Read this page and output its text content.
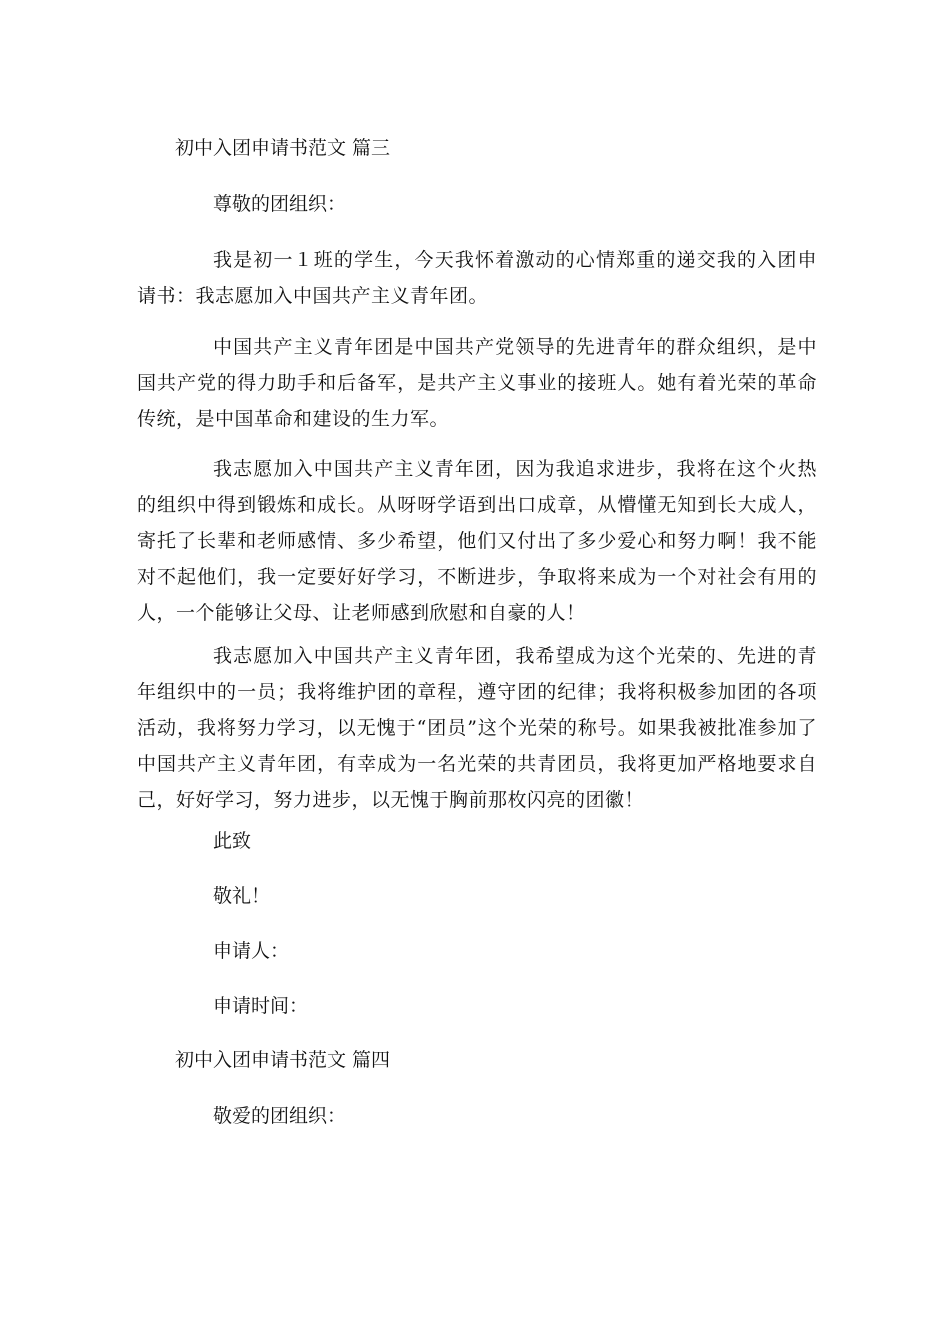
初中入团申请书范文 篇三
尊敬的团组织：
我是初一１班的学生，今天我怀着激动的心情郑重的递交我的入团申请书：我志愿加入中国共产主义青年团。
中国共产主义青年团是中国共产党领导的先进青年的群众组织，是中国共产党的得力助手和后备军，是共产主义事业的接班人。她有着光荣的革命传统，是中国革命和建设的生力军。
我志愿加入中国共产主义青年团，因为我追求进步，我将在这个火热的组织中得到锻炼和成长。从呀呀学语到出口成章，从懵懂无知到长大成人，寄托了长辈和老师感情、多少希望，他们又付出了多少爱心和努力啊！我不能对不起他们，我一定要好好学习，不断进步，争取将来成为一个对社会有用的人，一个能够让父母、让老师感到欣慰和自豪的人！
我志愿加入中国共产主义青年团，我希望成为这个光荣的、先进的青年组织中的一员；我将维护团的章程，遵守团的纪律；我将积极参加团的各项活动，我将努力学习，以无愧于“团员”这个光荣的称号。如果我被批准参加了中国共产主义青年团，有幸成为一名光荣的共青团员，我将更加严格地要求自己，好好学习，努力进步，以无愧于胸前那枚闪亮的团徽！
此致
敬礼！
申请人：
申请时间：
初中入团申请书范文 篇四
敬爱的团组织：
